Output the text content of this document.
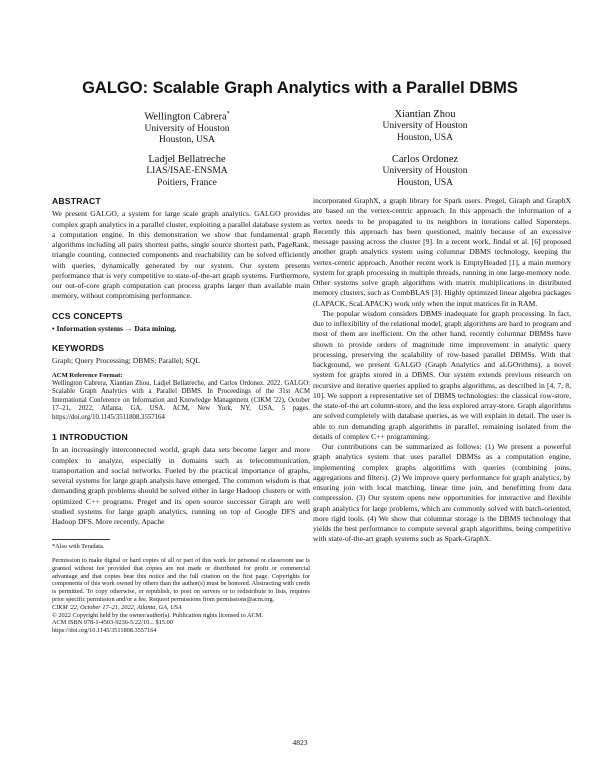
GALGO: Scalable Graph Analytics with a Parallel DBMS
Wellington Cabrera*
University of Houston
Houston, USA
Xiantian Zhou
University of Houston
Houston, USA
Ladjel Bellatreche
LIAS/ISAE-ENSMA
Poitiers, France
Carlos Ordonez
University of Houston
Houston, USA
ABSTRACT

We present GALGO, a system for large scale graph analytics. GALGO provides complex graph analytics in a parallel cluster, exploiting a parallel database system as a computation engine. In this demonstration we show that fundamental graph algorithms including all pairs shortest paths, single source shortest path, PageRank, triangle counting, connected components and reachability can be solved efficiently with queries, dynamically generated by our system. Our system presents performance that is very competitive to state-of-the-art graph systems. Furthermore, our out-of-core graph computation can process graphs larger than available main memory, without compromising performance.

CCS CONCEPTS

• Information systems → Data mining.

KEYWORDS

Graph; Query Processing; DBMS; Parallel; SQL

ACM Reference Format:

Wellington Cabrera, Xiantian Zhou, Ladjel Bellatreche, and Carlos Ordonez. 2022. GALGO: Scalable Graph Analytics with a Parallel DBMS. In Proceedings of the 31st ACM International Conference on Information and Knowledge Management (CIKM '22), October 17–21, 2022, Atlanta, GA, USA. ACM, New York, NY, USA, 5 pages. https://doi.org/10.1145/3511808.3557164

1 INTRODUCTION

In an increasingly interconnected world, graph data sets become larger and more complex to analyze, especially in domains such as telecommunication, transportation and social networks. Fueled by the practical importance of graphs, several systems for large graph analysis have emerged. The common wisdom is that demanding graph problems should be solved either in large Hadoop clusters or with optimized C++ programs. Pregel and its open source successor Giraph are well studied systems for large graph analytics, running on top of Google DFS and Hadoop DFS. More recently, Apache

*Also with Teradata.

Permission to make digital or hard copies of all or part of this work for personal or classroom use is granted without fee provided that copies are not made or distributed for profit or commercial advantage and that copies bear this notice and the full citation on the first page. Copyrights for components of this work owned by others than the author(s) must be honored. Abstracting with credit is permitted. To copy otherwise, or republish, to post on servers or to redistribute to lists, requires prior specific permission and/or a fee. Request permissions from permissions@acm.org.

CIKM '22, October 17–21, 2022, Atlanta, GA, USA

© 2022 Copyright held by the owner/author(s). Publication rights licensed to ACM.

ACM ISBN 978-1-4503-9236-5/22/10... $15.00

https://doi.org/10.1145/3511808.3557164

incorporated GraphX, a graph library for Spark users. Pregel, Giraph and GraphX are based on the vertex-centric approach. In this approach the information of a vertex needs to be propagated to its neighbors in iterations called Supersteps. Recently this approach has been questioned, mainly because of an excessive message passing across the cluster [9]. In a recent work, Jindal et al. [6] proposed another graph analytics system using columnar DBMS technology, keeping the vertex-centric approach. Another recent work is EmptyHeaded [1], a main memory system for graph processing in multiple threads, running in one large-memory node. Other systems solve graph algorithms with matrix multiplications in distributed memory clusters, such as CombBLAS [3]. Highly optimized linear algebra packages (LAPACK, ScaLAPACK) work only when the input matrices fit in RAM.

The popular wisdom considers DBMS inadequate for graph processing. In fact, due to inflexibility of the relational model, graph algorithms are hard to program and most of them are inefficient. On the other hand, recently columnar DBMSs have shown to provide orders of magnitude time improvement in analytic query processing, preserving the scalability of row-based parallel DBMSs. With that background, we present GALGO (Graph Analytics and aLGOrithms), a novel system for graphs stored in a DBMS. Our system extends previous research on recursive and iterative queries applied to graphs algorithms, as described in [4, 7, 8, 10]. We support a representative set of DBMS technologies: the classical row-store, the state-of-the art column-store, and the less explored array-store. Graph algorithms are solved completely with database queries, as we will explain in detail. The user is able to run demanding graph algorithms in parallel, remaining isolated from the details of complex C++ programming.

Our contributions can be summarized as follows: (1) We present a powerful graph analytics system that uses parallel DBMSs as a computation engine, implementing complex graphs algorithms with queries (combining joins, aggregations and filters). (2) We improve query performance for graph analytics, by ensuring join with local matching, linear time join, and benefitting from data compression. (3) Our system opens new opportunities for interactive and flexible graph analytics for large problems, which are commonly solved with batch-oriented, more rigid tools. (4) We show that columnar storage is the DBMS technology that yields the best performance to compute several graph algorithms, being competitive with state-of-the-art graph systems such as Spark-GraphX.

4823
